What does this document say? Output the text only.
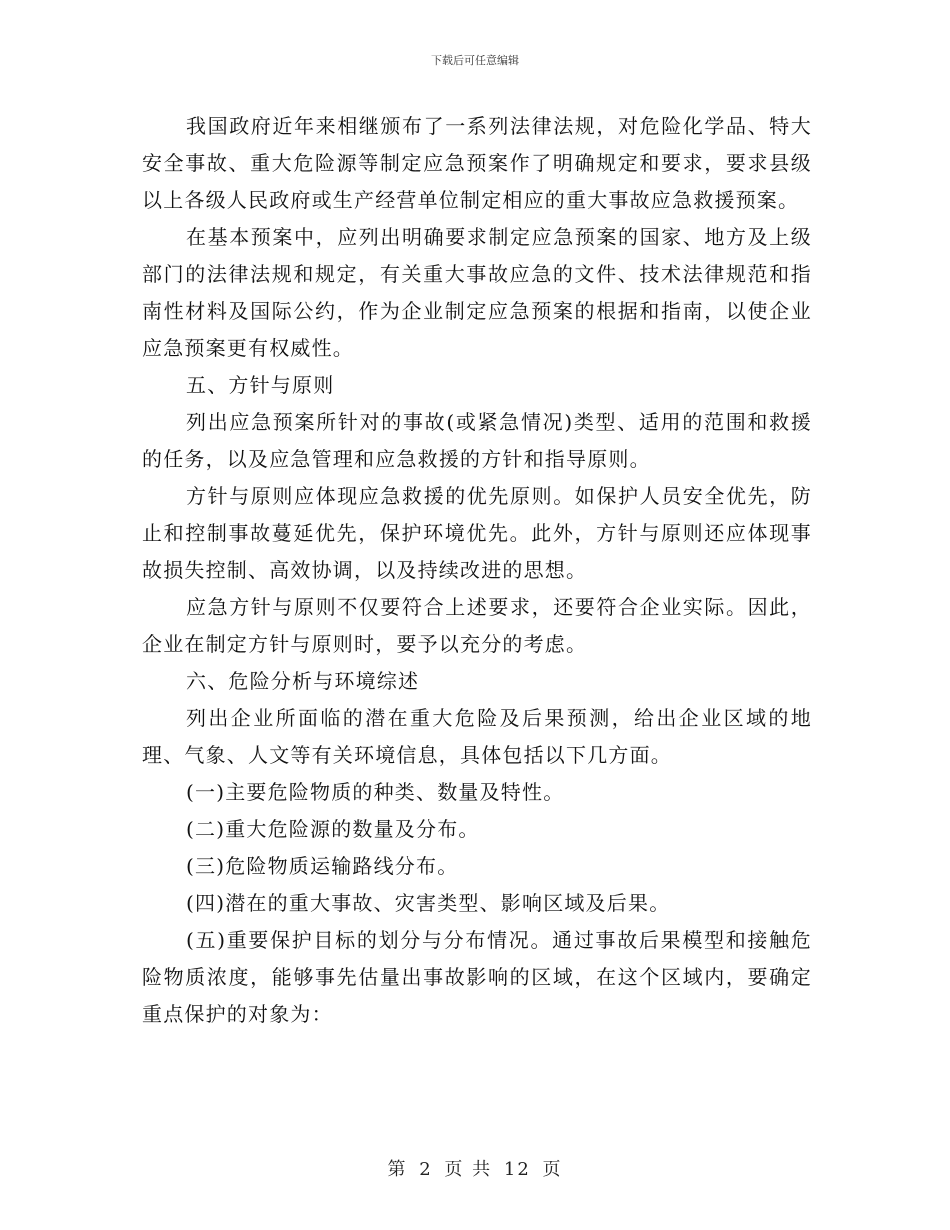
下载后可任意编辑

我国政府近年来相继颁布了一系列法律法规，对危险化学品、特大安全事故、重大危险源等制定应急预案作了明确规定和要求，要求县级以上各级人民政府或生产经营单位制定相应的重大事故应急救援预案。

在基本预案中，应列出明确要求制定应急预案的国家、地方及上级部门的法律法规和规定，有关重大事故应急的文件、技术法律规范和指南性材料及国际公约，作为企业制定应急预案的根据和指南，以使企业应急预案更有权威性。

五、方针与原则

列出应急预案所针对的事故(或紧急情况)类型、适用的范围和救援的任务，以及应急管理和应急救援的方针和指导原则。

方针与原则应体现应急救援的优先原则。如保护人员安全优先，防止和控制事故蔓延优先，保护环境优先。此外，方针与原则还应体现事故损失控制、高效协调，以及持续改进的思想。

应急方针与原则不仅要符合上述要求，还要符合企业实际。因此，企业在制定方针与原则时，要予以充分的考虑。

六、危险分析与环境综述

列出企业所面临的潜在重大危险及后果预测，给出企业区域的地理、气象、人文等有关环境信息，具体包括以下几方面。

(一)主要危险物质的种类、数量及特性。

(二)重大危险源的数量及分布。

(三)危险物质运输路线分布。

(四)潜在的重大事故、灾害类型、影响区域及后果。

(五)重要保护目标的划分与分布情况。通过事故后果模型和接触危险物质浓度，能够事先估量出事故影响的区域，在这个区域内，要确定重点保护的对象为：

第 2 页 共 12 页
